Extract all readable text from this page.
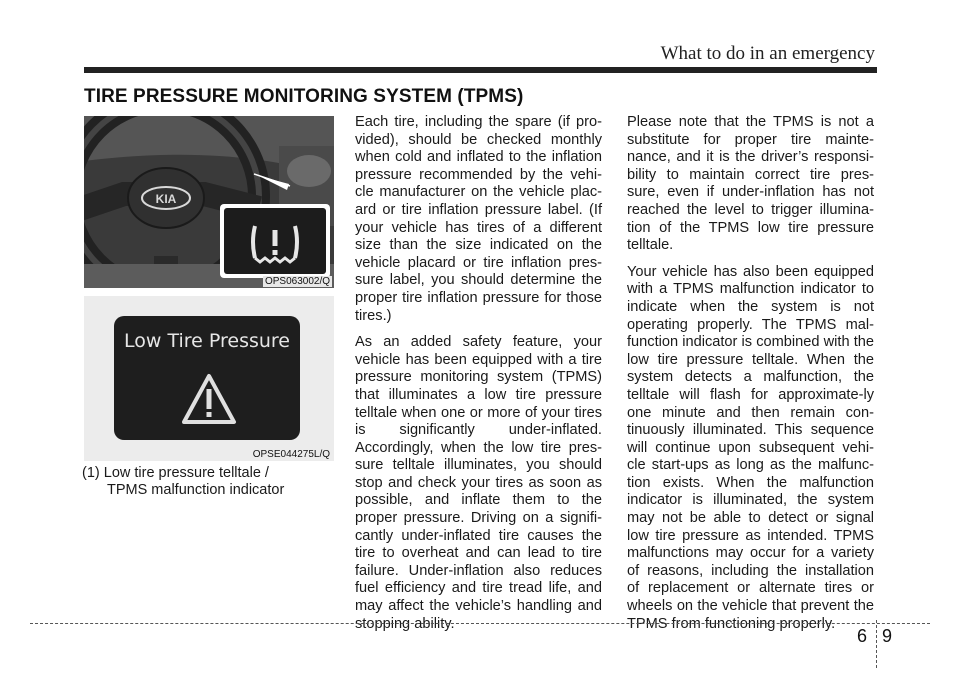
What to do in an emergency
TIRE PRESSURE MONITORING SYSTEM (TPMS)
KIA
OPS063002/Q
Low Tire Pressure
OPSE044275L/Q
(1) Low tire pressure telltale /
TPMS malfunction indicator

Each tire, including the spare (if pro-vided), should be checked monthly when cold and inflated to the inflation pressure recommended by the vehi-cle manufacturer on the vehicle plac-ard or tire inflation pressure label. (If your vehicle has tires of a different size than the size indicated on the vehicle placard or tire inflation pres-sure label, you should determine the proper tire inflation pressure for those tires.)

As an added safety feature, your vehicle has been equipped with a tire pressure monitoring system (TPMS) that illuminates a low tire pressure telltale when one or more of your tires is significantly under-inflated. Accordingly, when the low tire pres-sure telltale illuminates, you should stop and check your tires as soon as possible, and inflate them to the proper pressure. Driving on a signifi-cantly under-inflated tire causes the tire to overheat and can lead to tire failure. Under-inflation also reduces fuel efficiency and tire tread life, and may affect the vehicle’s handling and stopping ability.

Please note that the TPMS is not a substitute for proper tire mainte-nance, and it is the driver’s responsi-bility to maintain correct tire pres-sure, even if under-inflation has not reached the level to trigger illumina-tion of the TPMS low tire pressure telltale.

Your vehicle has also been equipped with a TPMS malfunction indicator to indicate when the system is not operating properly. The TPMS mal-function indicator is combined with the low tire pressure telltale. When the system detects a malfunction, the telltale will flash for approximate-ly one minute and then remain con-tinuously illuminated. This sequence will continue upon subsequent vehi-cle start-ups as long as the malfunc-tion exists. When the malfunction indicator is illuminated, the system may not be able to detect or signal low tire pressure as intended. TPMS malfunctions may occur for a variety of reasons, including the installation of replacement or alternate tires or wheels on the vehicle that prevent the TPMS from functioning properly.

6 9
